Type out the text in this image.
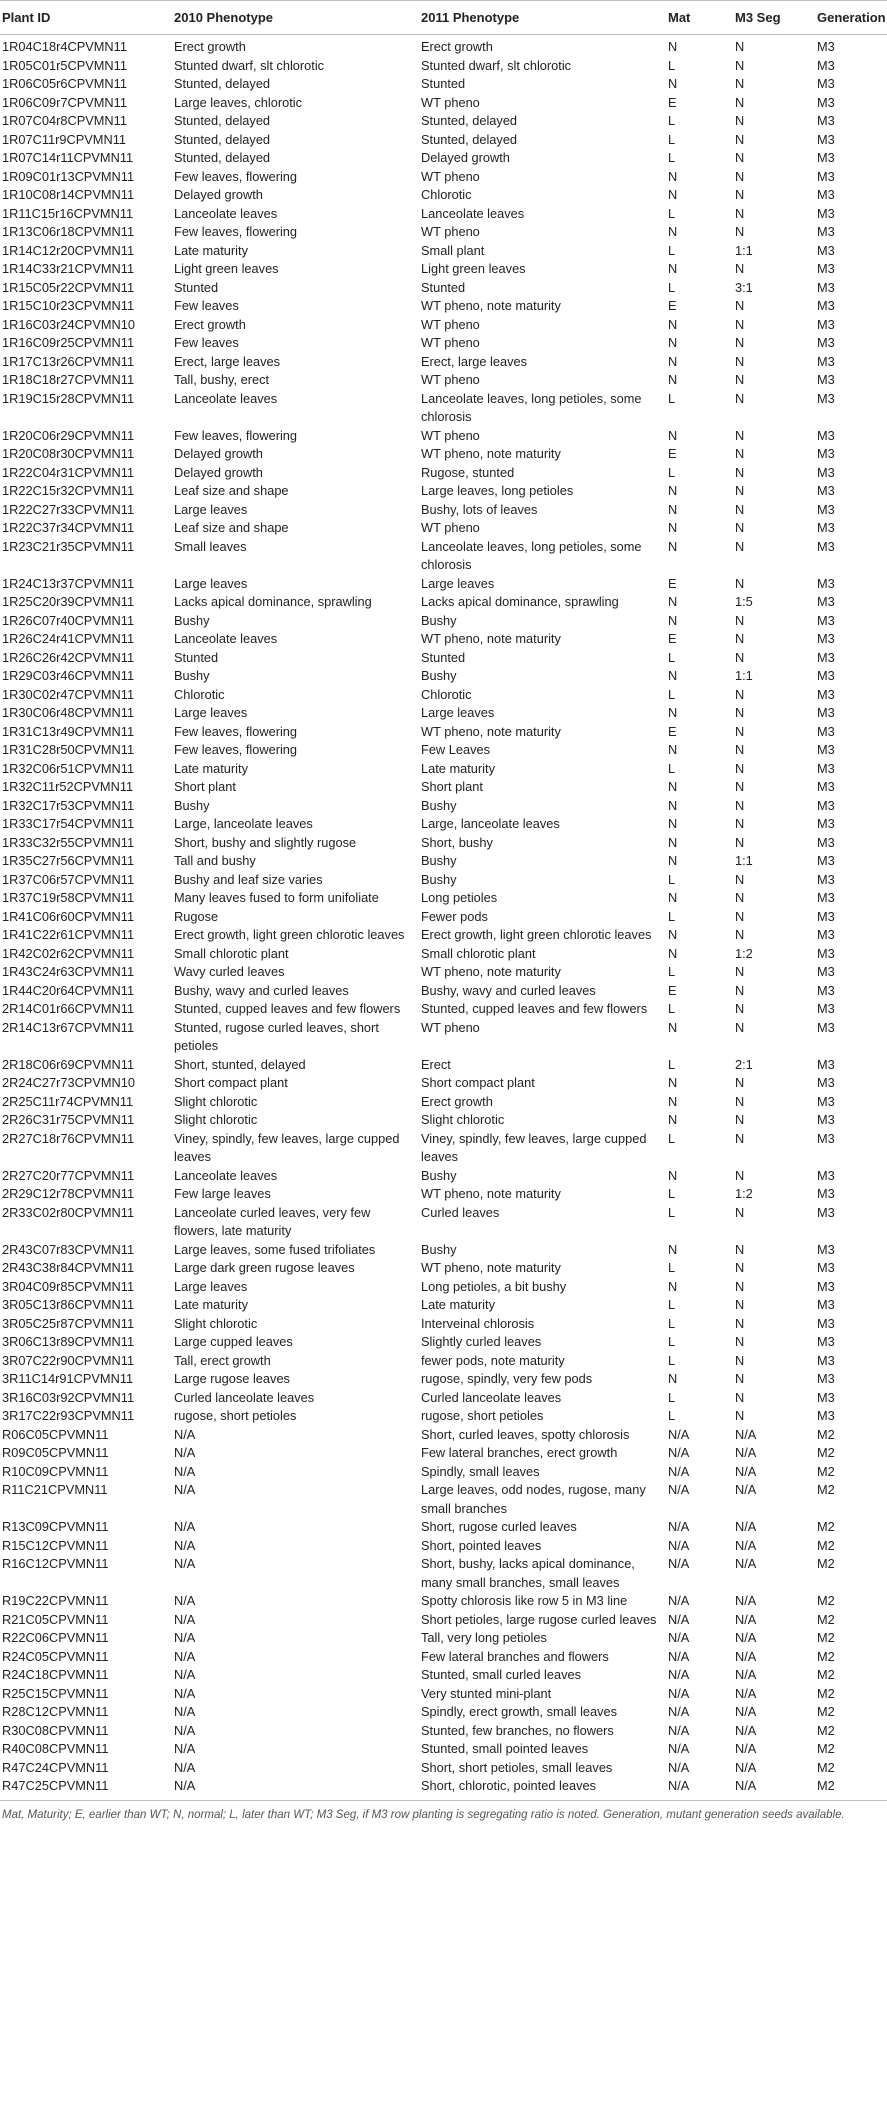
Plant ID	2010 Phenotype	2011 Phenotype	Mat	M3 Seg	Generation
1R04C18r4CPVMN11	Erect growth	Erect growth	N	N	M3
1R05C01r5CPVMN11	Stunted dwarf, slt chlorotic	Stunted dwarf, slt chlorotic	L	N	M3
1R06C05r6CPVMN11	Stunted, delayed	Stunted	N	N	M3
1R06C09r7CPVMN11	Large leaves, chlorotic	WT pheno	E	N	M3
1R07C04r8CPVMN11	Stunted, delayed	Stunted, delayed	L	N	M3
1R07C11r9CPVMN11	Stunted, delayed	Stunted, delayed	L	N	M3
1R07C14r11CPVMN11	Stunted, delayed	Delayed growth	L	N	M3
1R09C01r13CPVMN11	Few leaves, flowering	WT pheno	N	N	M3
1R10C08r14CPVMN11	Delayed growth	Chlorotic	N	N	M3
1R11C15r16CPVMN11	Lanceolate leaves	Lanceolate leaves	L	N	M3
1R13C06r18CPVMN11	Few leaves, flowering	WT pheno	N	N	M3
1R14C12r20CPVMN11	Late maturity	Small plant	L	1:1	M3
1R14C33r21CPVMN11	Light green leaves	Light green leaves	N	N	M3
1R15C05r22CPVMN11	Stunted	Stunted	L	3:1	M3
1R15C10r23CPVMN11	Few leaves	WT pheno, note maturity	E	N	M3
1R16C03r24CPVMN10	Erect growth	WT pheno	N	N	M3
1R16C09r25CPVMN11	Few leaves	WT pheno	N	N	M3
1R17C13r26CPVMN11	Erect, large leaves	Erect, large leaves	N	N	M3
1R18C18r27CPVMN11	Tall, bushy, erect	WT pheno	N	N	M3
1R19C15r28CPVMN11	Lanceolate leaves	Lanceolate leaves, long petioles, some chlorosis	L	N	M3
1R20C06r29CPVMN11	Few leaves, flowering	WT pheno	N	N	M3
1R20C08r30CPVMN11	Delayed growth	WT pheno, note maturity	E	N	M3
1R22C04r31CPVMN11	Delayed growth	Rugose, stunted	L	N	M3
1R22C15r32CPVMN11	Leaf size and shape	Large leaves, long petioles	N	N	M3
1R22C27r33CPVMN11	Large leaves	Bushy, lots of leaves	N	N	M3
1R22C37r34CPVMN11	Leaf size and shape	WT pheno	N	N	M3
1R23C21r35CPVMN11	Small leaves	Lanceolate leaves, long petioles, some chlorosis	N	N	M3
1R24C13r37CPVMN11	Large leaves	Large leaves	E	N	M3
1R25C20r39CPVMN11	Lacks apical dominance, sprawling	Lacks apical dominance, sprawling	N	1:5	M3
1R26C07r40CPVMN11	Bushy	Bushy	N	N	M3
1R26C24r41CPVMN11	Lanceolate leaves	WT pheno, note maturity	E	N	M3
1R26C26r42CPVMN11	Stunted	Stunted	L	N	M3
1R29C03r46CPVMN11	Bushy	Bushy	N	1:1	M3
1R30C02r47CPVMN11	Chlorotic	Chlorotic	L	N	M3
1R30C06r48CPVMN11	Large leaves	Large leaves	N	N	M3
1R31C13r49CPVMN11	Few leaves, flowering	WT pheno, note maturity	E	N	M3
1R31C28r50CPVMN11	Few leaves, flowering	Few Leaves	N	N	M3
1R32C06r51CPVMN11	Late maturity	Late maturity	L	N	M3
1R32C11r52CPVMN11	Short plant	Short plant	N	N	M3
1R32C17r53CPVMN11	Bushy	Bushy	N	N	M3
1R33C17r54CPVMN11	Large, lanceolate leaves	Large, lanceolate leaves	N	N	M3
1R33C32r55CPVMN11	Short, bushy and slightly rugose	Short, bushy	N	N	M3
1R35C27r56CPVMN11	Tall and bushy	Bushy	N	1:1	M3
1R37C06r57CPVMN11	Bushy and leaf size varies	Bushy	L	N	M3
1R37C19r58CPVMN11	Many leaves fused to form unifoliate	Long petioles	N	N	M3
1R41C06r60CPVMN11	Rugose	Fewer pods	L	N	M3
1R41C22r61CPVMN11	Erect growth, light green chlorotic leaves	Erect growth, light green chlorotic leaves	N	N	M3
1R42C02r62CPVMN11	Small chlorotic plant	Small chlorotic plant	N	1:2	M3
1R43C24r63CPVMN11	Wavy curled leaves	WT pheno, note maturity	L	N	M3
1R44C20r64CPVMN11	Bushy, wavy and curled leaves	Bushy, wavy and curled leaves	E	N	M3
2R14C01r66CPVMN11	Stunted, cupped leaves and few flowers	Stunted, cupped leaves and few flowers	L	N	M3
2R14C13r67CPVMN11	Stunted, rugose curled leaves, short petioles	WT pheno	N	N	M3
2R18C06r69CPVMN11	Short, stunted, delayed	Erect	L	2:1	M3
2R24C27r73CPVMN10	Short compact plant	Short compact plant	N	N	M3
2R25C11r74CPVMN11	Slight chlorotic	Erect growth	N	N	M3
2R26C31r75CPVMN11	Slight chlorotic	Slight chlorotic	N	N	M3
2R27C18r76CPVMN11	Viney, spindly, few leaves, large cupped leaves	Viney, spindly, few leaves, large cupped leaves	L	N	M3
2R27C20r77CPVMN11	Lanceolate leaves	Bushy	N	N	M3
2R29C12r78CPVMN11	Few large leaves	WT pheno, note maturity	L	1:2	M3
2R33C02r80CPVMN11	Lanceolate curled leaves, very few flowers, late maturity	Curled leaves	L	N	M3
2R43C07r83CPVMN11	Large leaves, some fused trifoliates	Bushy	N	N	M3
2R43C38r84CPVMN11	Large dark green rugose leaves	WT pheno, note maturity	L	N	M3
3R04C09r85CPVMN11	Large leaves	Long petioles, a bit bushy	N	N	M3
3R05C13r86CPVMN11	Late maturity	Late maturity	L	N	M3
3R05C25r87CPVMN11	Slight chlorotic	Interveinal chlorosis	L	N	M3
3R06C13r89CPVMN11	Large cupped leaves	Slightly curled leaves	L	N	M3
3R07C22r90CPVMN11	Tall, erect growth	fewer pods, note maturity	L	N	M3
3R11C14r91CPVMN11	Large rugose leaves	rugose, spindly, very few pods	N	N	M3
3R16C03r92CPVMN11	Curled lanceolate leaves	Curled lanceolate leaves	L	N	M3
3R17C22r93CPVMN11	rugose, short petioles	rugose, short petioles	L	N	M3
R06C05CPVMN11	N/A	Short, curled leaves, spotty chlorosis	N/A	N/A	M2
R09C05CPVMN11	N/A	Few lateral branches, erect growth	N/A	N/A	M2
R10C09CPVMN11	N/A	Spindly, small leaves	N/A	N/A	M2
R11C21CPVMN11	N/A	Large leaves, odd nodes, rugose, many small branches	N/A	N/A	M2
R13C09CPVMN11	N/A	Short, rugose curled leaves	N/A	N/A	M2
R15C12CPVMN11	N/A	Short, pointed leaves	N/A	N/A	M2
R16C12CPVMN11	N/A	Short, bushy, lacks apical dominance, many small branches, small leaves	N/A	N/A	M2
R19C22CPVMN11	N/A	Spotty chlorosis like row 5 in M3 line	N/A	N/A	M2
R21C05CPVMN11	N/A	Short petioles, large rugose curled leaves	N/A	N/A	M2
R22C06CPVMN11	N/A	Tall, very long petioles	N/A	N/A	M2
R24C05CPVMN11	N/A	Few lateral branches and flowers	N/A	N/A	M2
R24C18CPVMN11	N/A	Stunted, small curled leaves	N/A	N/A	M2
R25C15CPVMN11	N/A	Very stunted mini-plant	N/A	N/A	M2
R28C12CPVMN11	N/A	Spindly, erect growth, small leaves	N/A	N/A	M2
R30C08CPVMN11	N/A	Stunted, few branches, no flowers	N/A	N/A	M2
R40C08CPVMN11	N/A	Stunted, small pointed leaves	N/A	N/A	M2
R47C24CPVMN11	N/A	Short, short petioles, small leaves	N/A	N/A	M2
R47C25CPVMN11	N/A	Short, chlorotic, pointed leaves	N/A	N/A	M2
Mat, Maturity; E, earlier than WT; N, normal; L, later than WT; M3 Seg, if M3 row planting is segregating ratio is noted. Generation, mutant generation seeds available.
